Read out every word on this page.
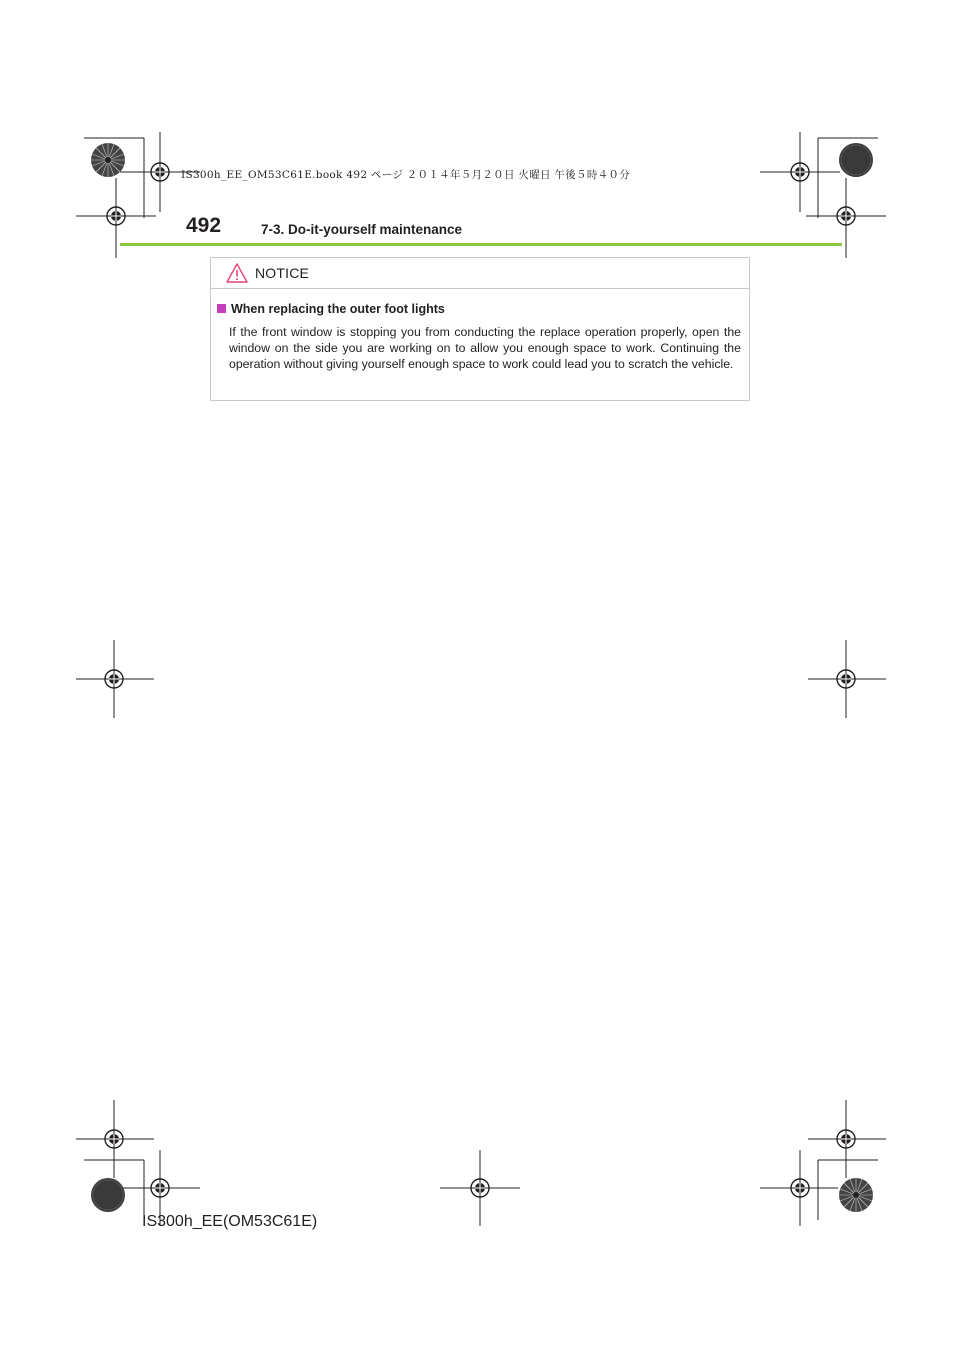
IS300h_EE_OM53C61E.book 492 ページ ２０１４年５月２０日 火曜日 午後５時４０分
492	7-3. Do-it-yourself maintenance
NOTICE
When replacing the outer foot lights
If the front window is stopping you from conducting the replace operation properly, open the window on the side you are working on to allow you enough space to work. Continuing the operation without giving yourself enough space to work could lead you to scratch the vehicle.
IS300h_EE(OM53C61E)
